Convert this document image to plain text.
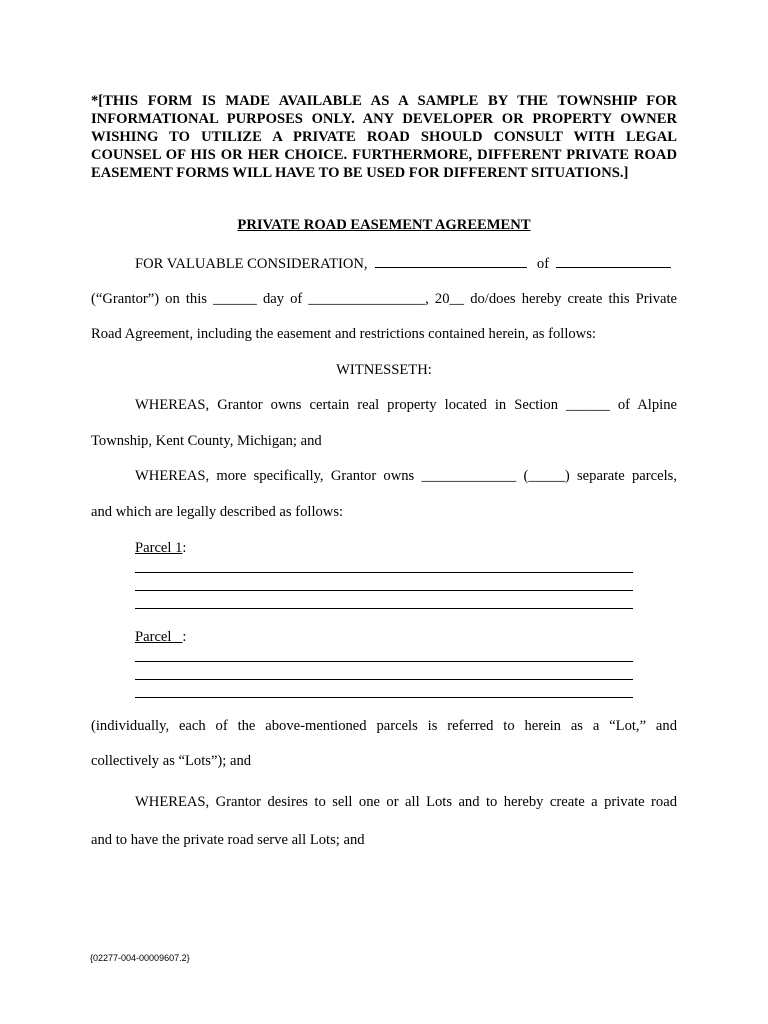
*[THIS FORM IS MADE AVAILABLE AS A SAMPLE BY THE TOWNSHIP FOR INFORMATIONAL PURPOSES ONLY. ANY DEVELOPER OR PROPERTY OWNER WISHING TO UTILIZE A PRIVATE ROAD SHOULD CONSULT WITH LEGAL COUNSEL OF HIS OR HER CHOICE. FURTHERMORE, DIFFERENT PRIVATE ROAD EASEMENT FORMS WILL HAVE TO BE USED FOR DIFFERENT SITUATIONS.]
PRIVATE ROAD EASEMENT AGREEMENT
FOR VALUABLE CONSIDERATION,	of
(“Grantor”) on this ______ day of ________________, 20__ do/does hereby create this Private
Road Agreement, including the easement and restrictions contained herein, as follows:
WITNESSETH:
WHEREAS, Grantor owns certain real property located in Section ______ of Alpine
Township, Kent County, Michigan; and
WHEREAS, more specifically, Grantor owns _____________ (_____) separate parcels,
and which are legally described as follows:
Parcel 1:
Parcel   :
(individually, each of the above-mentioned parcels is referred to herein as a “Lot,” and
collectively as “Lots”); and
WHEREAS, Grantor desires to sell one or all Lots and to hereby create a private road
and to have the private road serve all Lots; and
{02277-004-00009607.2}
